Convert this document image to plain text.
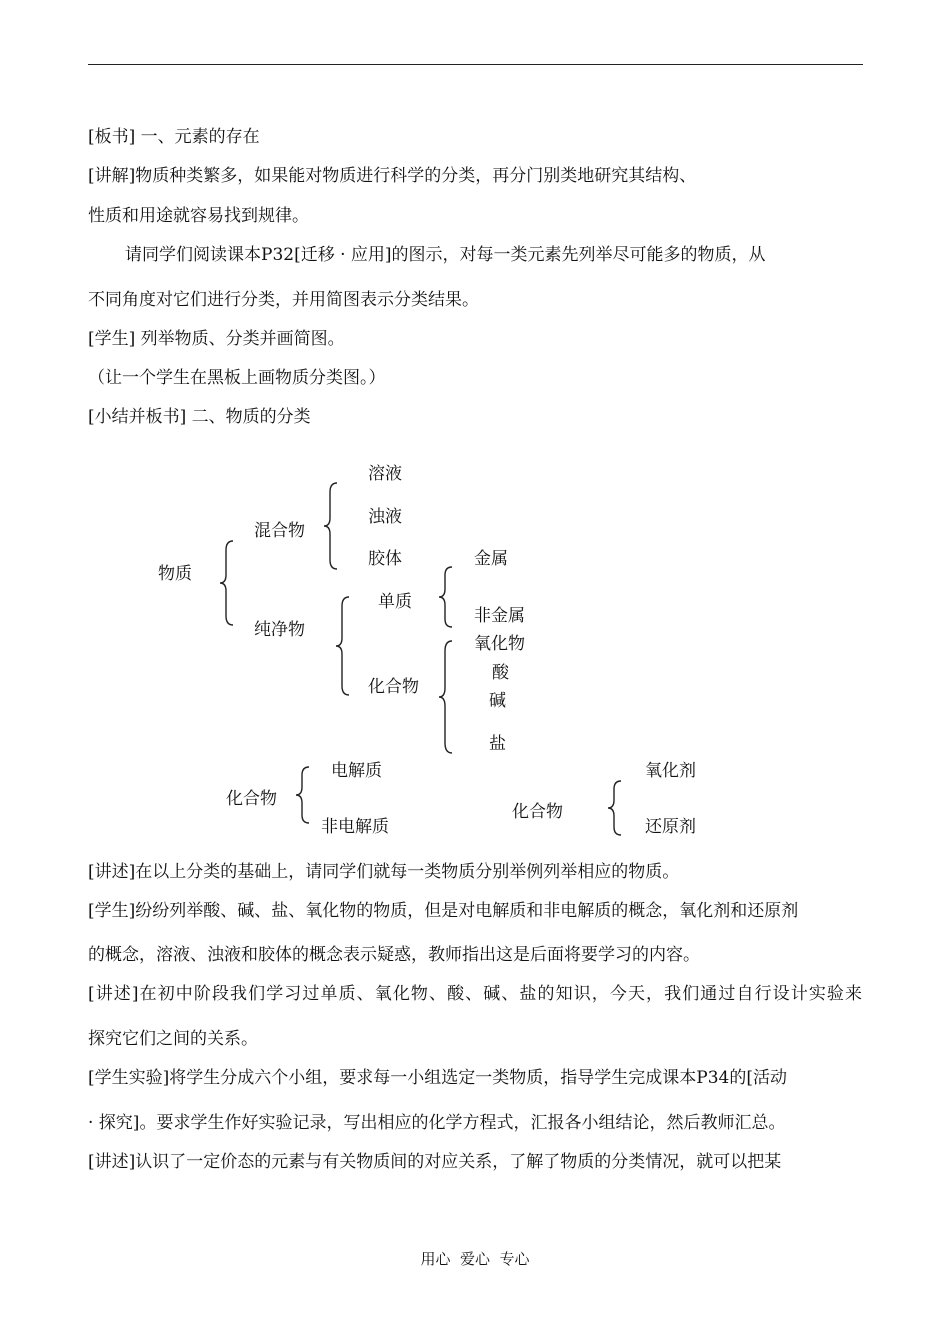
[板书] 一、元素的存在
[讲解]物质种类繁多，如果能对物质进行科学的分类，再分门别类地研究其结构、
性质和用途就容易找到规律。
请同学们阅读课本P32[迁移 · 应用]的图示，对每一类元素先列举尽可能多的物质，从
不同角度对它们进行分类，并用简图表示分类结果。
[学生] 列举物质、分类并画简图。
（让一个学生在黑板上画物质分类图。）
[小结并板书] 二、物质的分类
物质
混合物
纯净物
溶液
浊液
胶体
单质
化合物
金属
非金属
氧化物
酸
碱
盐
化合物
电解质
非电解质
化合物
氧化剂
还原剂
[讲述]在以上分类的基础上，请同学们就每一类物质分别举例列举相应的物质。
[学生]纷纷列举酸、碱、盐、氧化物的物质，但是对电解质和非电解质的概念，氧化剂和还原剂
的概念，溶液、浊液和胶体的概念表示疑惑，教师指出这是后面将要学习的内容。
[讲述]在初中阶段我们学习过单质、氧化物、酸、碱、盐的知识，今天，我们通过自行设计实验来
探究它们之间的关系。
[学生实验]将学生分成六个小组，要求每一小组选定一类物质，指导学生完成课本P34的[活动
· 探究]。要求学生作好实验记录，写出相应的化学方程式，汇报各小组结论，然后教师汇总。
[讲述]认识了一定价态的元素与有关物质间的对应关系，了解了物质的分类情况，就可以把某
用心  爱心  专心
